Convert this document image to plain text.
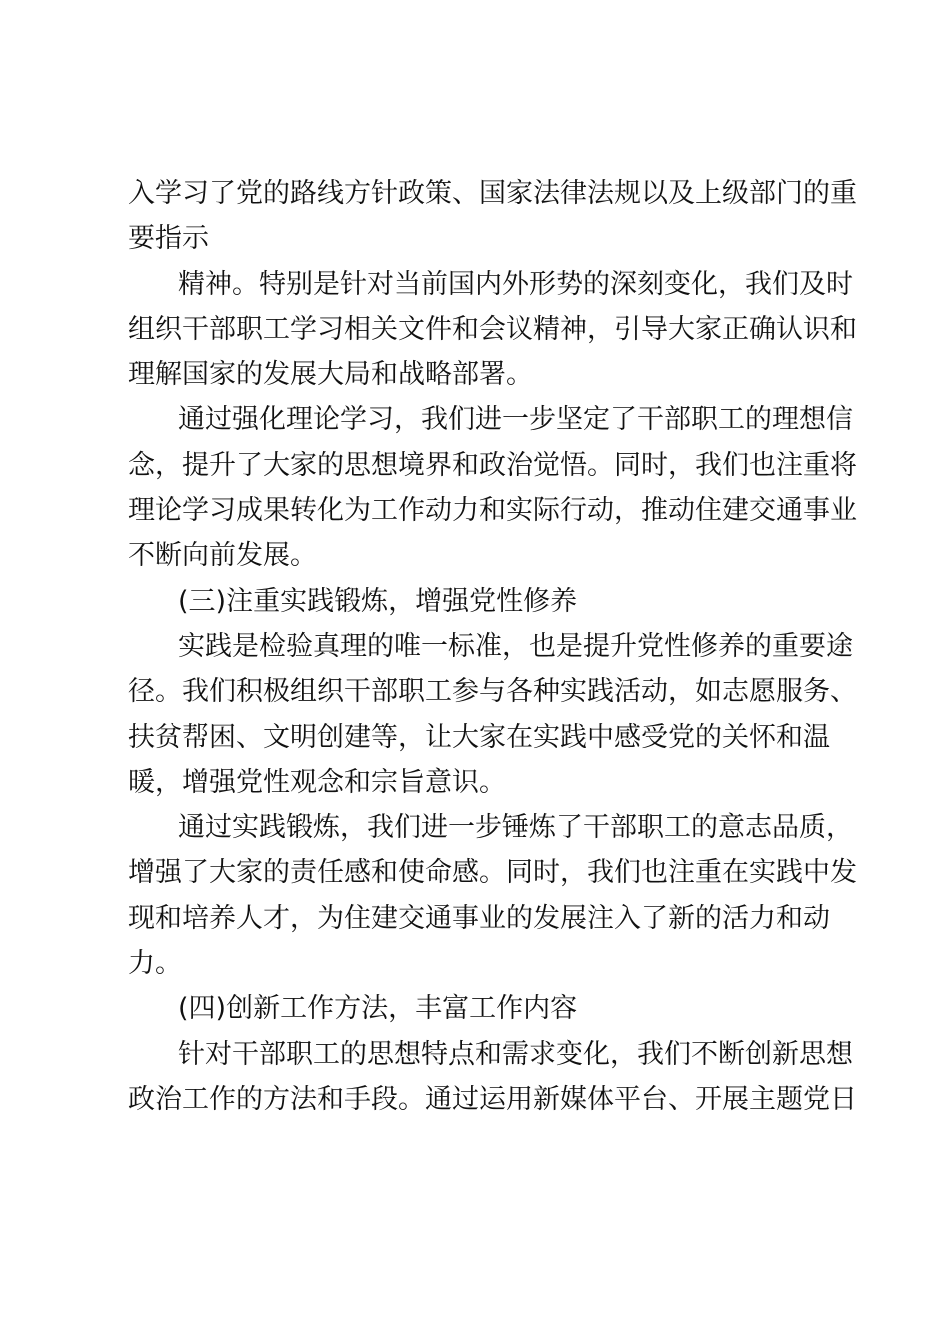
入学习了党的路线方针政策、国家法律法规以及上级部门的重
要指示
精神。特别是针对当前国内外形势的深刻变化，我们及时
组织干部职工学习相关文件和会议精神，引导大家正确认识和
理解国家的发展大局和战略部署。
通过强化理论学习，我们进一步坚定了干部职工的理想信
念，提升了大家的思想境界和政治觉悟。同时，我们也注重将
理论学习成果转化为工作动力和实际行动，推动住建交通事业
不断向前发展。
(三)注重实践锻炼，增强党性修养
实践是检验真理的唯一标准，也是提升党性修养的重要途
径。我们积极组织干部职工参与各种实践活动，如志愿服务、
扶贫帮困、文明创建等，让大家在实践中感受党的关怀和温
暖，增强党性观念和宗旨意识。
通过实践锻炼，我们进一步锤炼了干部职工的意志品质，
增强了大家的责任感和使命感。同时，我们也注重在实践中发
现和培养人才，为住建交通事业的发展注入了新的活力和动
力。
(四)创新工作方法，丰富工作内容
针对干部职工的思想特点和需求变化，我们不断创新思想
政治工作的方法和手段。通过运用新媒体平台、开展主题党日
